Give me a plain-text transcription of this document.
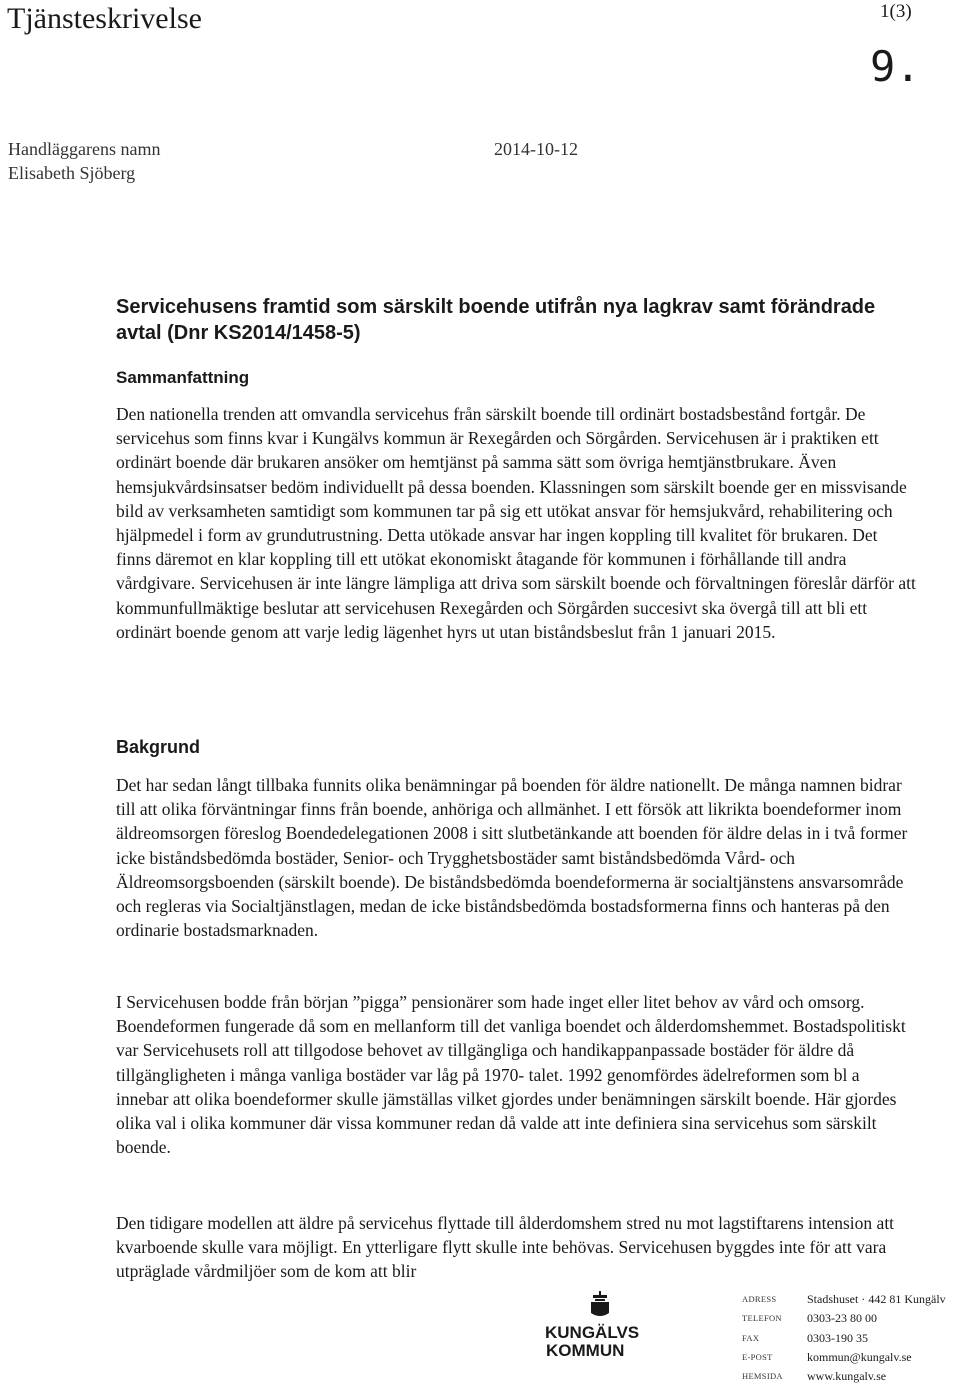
Tjänsteskrivelse	1(3)
9.
Handläggarens namn
Elisabeth Sjöberg
2014-10-12
Servicehusens framtid som särskilt boende utifrån nya lagkrav samt förändrade avtal (Dnr KS2014/1458-5)
Sammanfattning

Den nationella trenden att omvandla servicehus från särskilt boende till ordinärt bostadsbestånd fortgår. De servicehus som finns kvar i Kungälvs kommun är Rexegården och Sörgården. Servicehusen är i praktiken ett ordinärt boende där brukaren ansöker om hemtjänst på samma sätt som övriga hemtjänstbrukare. Även hemsjukvårdsinsatser bedöm individuellt på dessa boenden. Klassningen som särskilt boende ger en missvisande bild av verksamheten samtidigt som kommunen tar på sig ett utökat ansvar för hemsjukvård, rehabilitering och hjälpmedel i form av grundutrustning. Detta utökade ansvar har ingen koppling till kvalitet för brukaren. Det finns däremot en klar koppling till ett utökat ekonomiskt åtagande för kommunen i förhållande till andra vårdgivare. Servicehusen är inte längre lämpliga att driva som särskilt boende och förvaltningen föreslår därför att kommunfullmäktige beslutar att servicehusen Rexegården och Sörgården succesivt ska övergå till att bli ett ordinärt boende genom att varje ledig lägenhet hyrs ut utan biståndsbeslut från 1 januari 2015.

Bakgrund

Det har sedan långt tillbaka funnits olika benämningar på boenden för äldre nationellt. De många namnen bidrar till att olika förväntningar finns från boende, anhöriga och allmänhet. I ett försök att likrikta boendeformer inom äldreomsorgen föreslog Boendedelegationen 2008 i sitt slutbetänkande att boenden för äldre delas in i två former icke biståndsbedömda bostäder, Senior- och Trygghetsbostäder samt biståndsbedömda Vård- och Äldreomsorgsboenden (särskilt boende). De biståndsbedömda boendeformerna är socialtjänstens ansvarsområde och regleras via Socialtjänstlagen, medan de icke biståndsbedömda bostadsformerna finns och hanteras på den ordinarie bostadsmarknaden.

I Servicehusen bodde från början ”pigga” pensionärer som hade inget eller litet behov av vård och omsorg. Boendeformen fungerade då som en mellanform till det vanliga boendet och ålderdomshemmet. Bostadspolitiskt var Servicehusets roll att tillgodose behovet av tillgängliga och handikappanpassade bostäder för äldre då tillgängligheten i många vanliga bostäder var låg på 1970- talet. 1992 genomfördes ädelreformen som bl a innebar att olika boendeformer skulle jämställas vilket gjordes under benämningen särskilt boende. Här gjordes olika val i olika kommuner där vissa kommuner redan då valde att inte definiera sina servicehus som särskilt boende.

Den tidigare modellen att äldre på servicehus flyttade till ålderdomshem stred nu mot lagstiftarens intension att kvarboende skulle vara möjligt. En ytterligare flytt skulle inte behövas. Servicehusen byggdes inte för att vara utpräglade vårdmiljöer som de kom att blir

KUNGÄLVS
KOMMUN
ADRESS	Stadshuset · 442 81 Kungälv
TELEFON	0303-23 80 00
FAX	0303-190 35
E-POST	kommun@kungalv.se
HEMSIDA	www.kungalv.se
